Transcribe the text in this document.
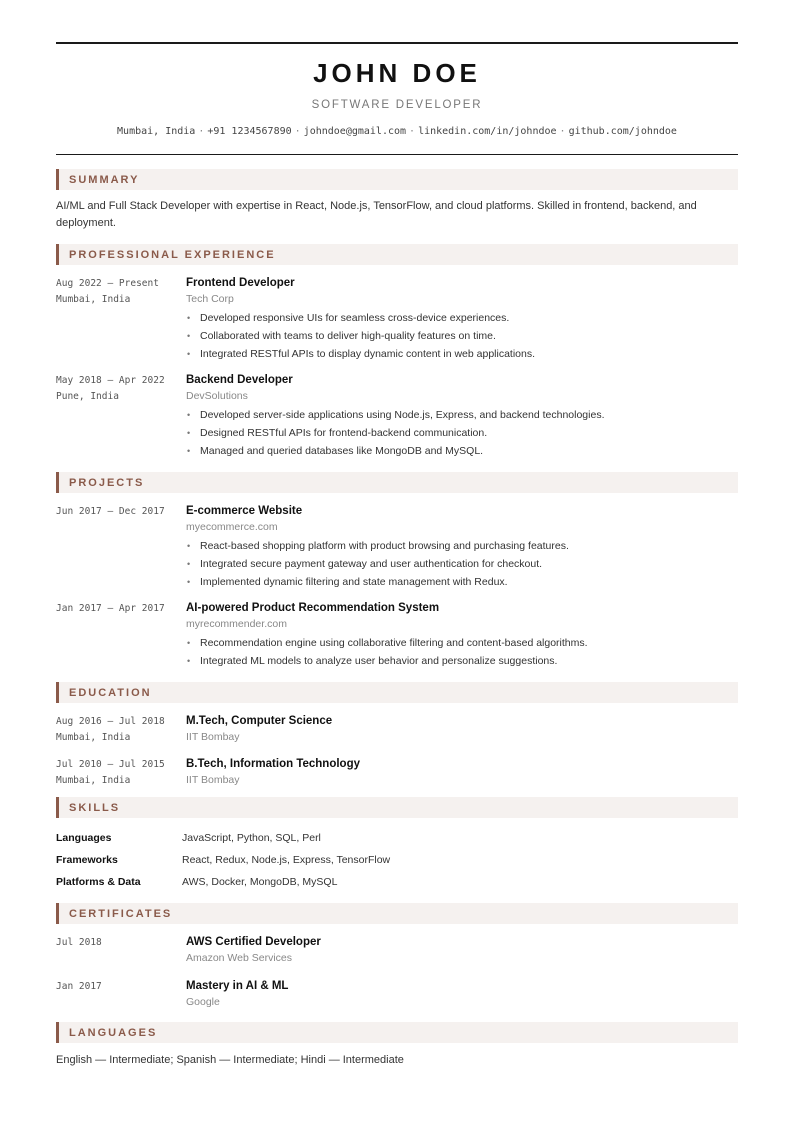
JOHN DOE
SOFTWARE DEVELOPER
Mumbai, India · +91 1234567890 · johndoe@gmail.com · linkedin.com/in/johndoe · github.com/johndoe
SUMMARY
AI/ML and Full Stack Developer with expertise in React, Node.js, TensorFlow, and cloud platforms. Skilled in frontend, backend, and deployment.
PROFESSIONAL EXPERIENCE
Aug 2022 – Present
Mumbai, India
Frontend Developer
Tech Corp
• Developed responsive UIs for seamless cross-device experiences.
• Collaborated with teams to deliver high-quality features on time.
• Integrated RESTful APIs to display dynamic content in web applications.
May 2018 – Apr 2022
Pune, India
Backend Developer
DevSolutions
• Developed server-side applications using Node.js, Express, and backend technologies.
• Designed RESTful APIs for frontend-backend communication.
• Managed and queried databases like MongoDB and MySQL.
PROJECTS
Jun 2017 – Dec 2017	E-commerce Website
myecommerce.com
• React-based shopping platform with product browsing and purchasing features.
• Integrated secure payment gateway and user authentication for checkout.
• Implemented dynamic filtering and state management with Redux.
Jan 2017 – Apr 2017	AI-powered Product Recommendation System
myrecommender.com
• Recommendation engine using collaborative filtering and content-based algorithms.
• Integrated ML models to analyze user behavior and personalize suggestions.
EDUCATION
Aug 2016 – Jul 2018
Mumbai, India
M.Tech, Computer Science
IIT Bombay
Jul 2010 – Jul 2015
Mumbai, India
B.Tech, Information Technology
IIT Bombay
SKILLS
Languages	JavaScript, Python, SQL, Perl
Frameworks	React, Redux, Node.js, Express, TensorFlow
Platforms & Data	AWS, Docker, MongoDB, MySQL
CERTIFICATES
Jul 2018	AWS Certified Developer
Amazon Web Services
Jan 2017	Mastery in AI & ML
Google
LANGUAGES
English — Intermediate; Spanish — Intermediate; Hindi — Intermediate
